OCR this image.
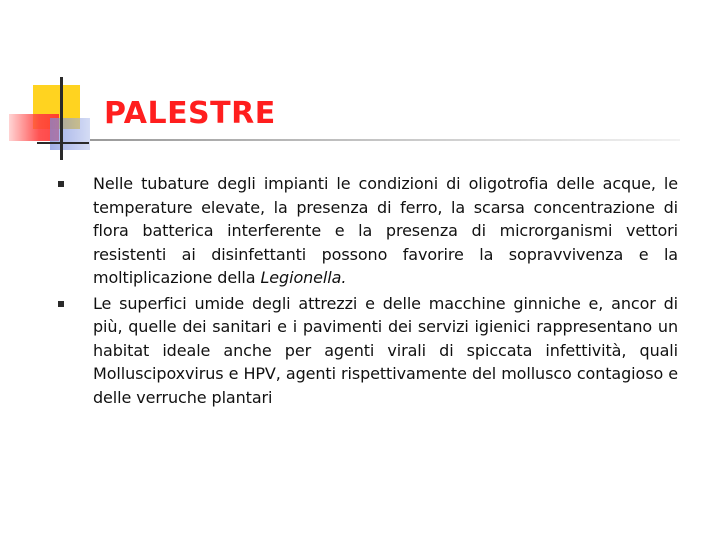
PALESTRE
Nelle tubature degli impianti le condizioni di oligotrofia delle acque, le temperature elevate, la presenza di ferro, la scarsa concentrazione di flora batterica interferente e la presenza di microrganismi vettori resistenti ai disinfettanti possono favorire la sopravvivenza e la moltiplicazione della Legionella.
Le superfici umide degli attrezzi e delle macchine ginniche e, ancor di più, quelle dei sanitari e i pavimenti dei servizi igienici rappresentano un habitat ideale anche per agenti virali di spiccata infettività, quali Molluscipoxvirus e HPV, agenti rispettivamente del mollusco contagioso e delle verruche plantari
